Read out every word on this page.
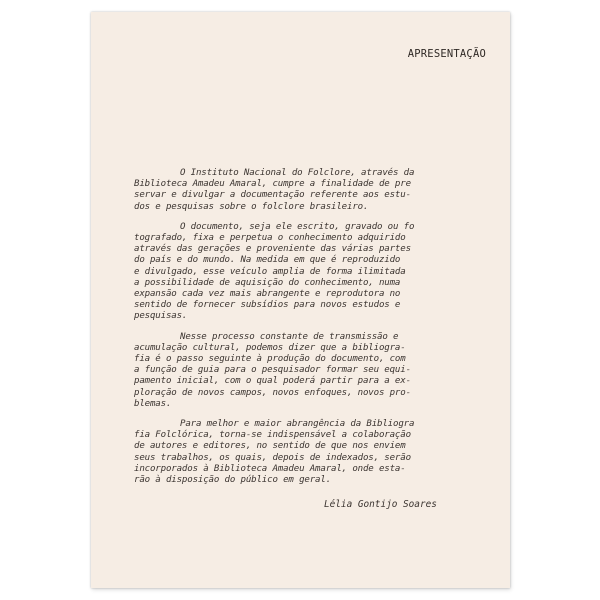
APRESENTAÇÃO
O Instituto Nacional do Folclore, através da
Biblioteca Amadeu Amaral, cumpre a finalidade de pre
servar e divulgar a documentação referente aos estu-
dos e pesquisas sobre o folclore brasileiro.
O documento, seja ele escrito, gravado ou fo
tografado, fixa e perpetua o conhecimento adquirido
através das gerações e proveniente das várias partes
do país e do mundo. Na medida em que é reproduzido
e divulgado, esse veículo amplia de forma ilimitada
a possibilidade de aquisição do conhecimento, numa
expansão cada vez mais abrangente e reprodutora no
sentido de fornecer subsídios para novos estudos e
pesquisas.
Nesse processo constante de transmissão e
acumulação cultural, podemos dizer que a bibliogra-
fia é o passo seguinte à produção do documento, com
a função de guia para o pesquisador formar seu equi-
pamento inicial, com o qual poderá partir para a ex-
ploração de novos campos, novos enfoques, novos pro-
blemas.
Para melhor e maior abrangência da Bibliogra
fia Folclórica, torna-se indispensável a colaboração
de autores e editores, no sentido de que nos enviem
seus trabalhos, os quais, depois de indexados, serão
incorporados à Biblioteca Amadeu Amaral, onde esta-
rão à disposição do público em geral.
Lélia Gontijo Soares
